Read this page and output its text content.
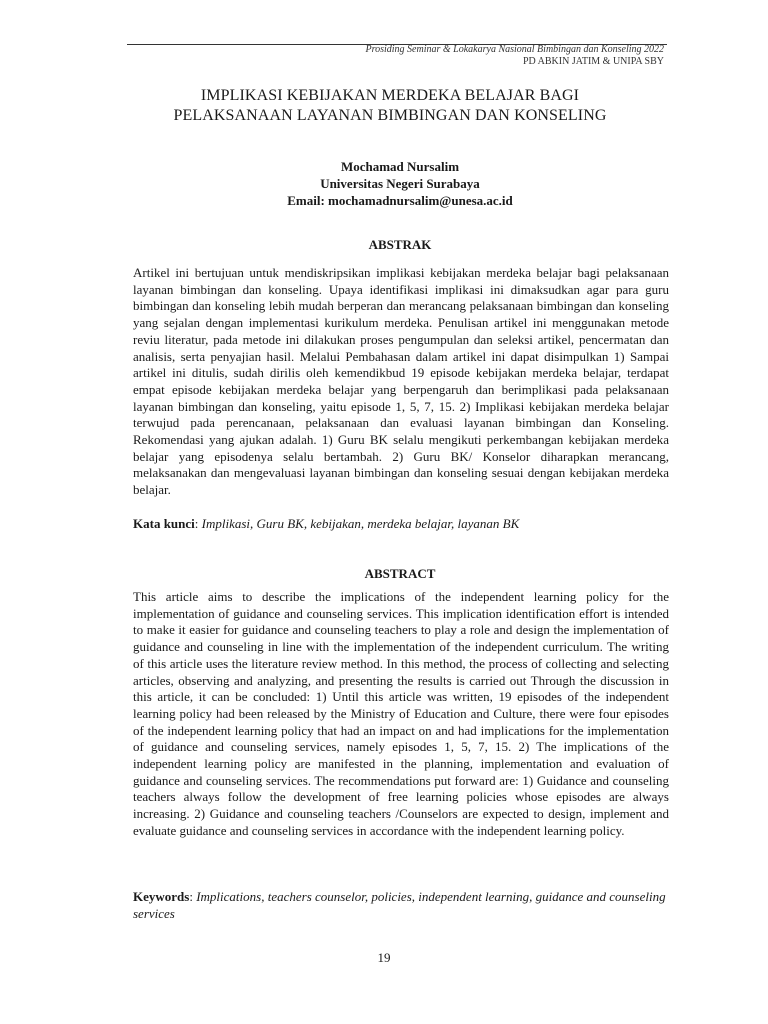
Prosiding Seminar & Lokakarya Nasional Bimbingan dan Konseling 2022
PD ABKIN JATIM & UNIPA SBY
IMPLIKASI KEBIJAKAN MERDEKA BELAJAR BAGI
PELAKSANAAN LAYANAN BIMBINGAN DAN KONSELING
Mochamad Nursalim
Universitas Negeri Surabaya
Email: mochamadnursalim@unesa.ac.id
ABSTRAK

Artikel ini bertujuan untuk mendiskripsikan implikasi kebijakan merdeka belajar bagi pelaksanaan layanan bimbingan dan konseling. Upaya identifikasi implikasi ini dimaksudkan agar para guru bimbingan dan konseling lebih mudah berperan dan merancang pelaksanaan bimbingan dan konseling yang sejalan dengan implementasi kurikulum merdeka. Penulisan artikel ini menggunakan metode reviu literatur, pada metode ini dilakukan proses pengumpulan dan seleksi artikel, pencermatan dan analisis, serta penyajian hasil. Melalui Pembahasan dalam artikel ini dapat disimpulkan 1) Sampai artikel ini ditulis, sudah dirilis oleh kemendikbud 19 episode kebijakan merdeka belajar, terdapat empat episode kebijakan merdeka belajar yang berpengaruh dan berimplikasi pada pelaksanaan layanan bimbingan dan konseling, yaitu episode 1, 5, 7, 15. 2) Implikasi kebijakan merdeka belajar terwujud pada perencanaan, pelaksanaan dan evaluasi layanan bimbingan dan Konseling. Rekomendasi yang ajukan adalah. 1) Guru BK selalu mengikuti perkembangan kebijakan merdeka belajar yang episodenya selalu bertambah. 2) Guru BK/ Konselor diharapkan merancang, melaksanakan dan mengevaluasi layanan bimbingan dan konseling sesuai dengan kebijakan merdeka belajar.

Kata kunci: Implikasi, Guru BK, kebijakan, merdeka belajar, layanan BK

ABSTRACT

This article aims to describe the implications of the independent learning policy for the implementation of guidance and counseling services. This implication identification effort is intended to make it easier for guidance and counseling teachers to play a role and design the implementation of guidance and counseling in line with the implementation of the independent curriculum. The writing of this article uses the literature review method. In this method, the process of collecting and selecting articles, observing and analyzing, and presenting the results is carried out Through the discussion in this article, it can be concluded: 1) Until this article was written, 19 episodes of the independent learning policy had been released by the Ministry of Education and Culture, there were four episodes of the independent learning policy that had an impact on and had implications for the implementation of guidance and counseling services, namely episodes 1, 5, 7, 15. 2) The implications of the independent learning policy are manifested in the planning, implementation and evaluation of guidance and counseling services. The recommendations put forward are: 1) Guidance and counseling teachers always follow the development of free learning policies whose episodes are always increasing. 2) Guidance and counseling teachers /Counselors are expected to design, implement and evaluate guidance and counseling services in accordance with the independent learning policy.

Keywords: Implications, teachers counselor, policies, independent learning, guidance and counseling services

19
